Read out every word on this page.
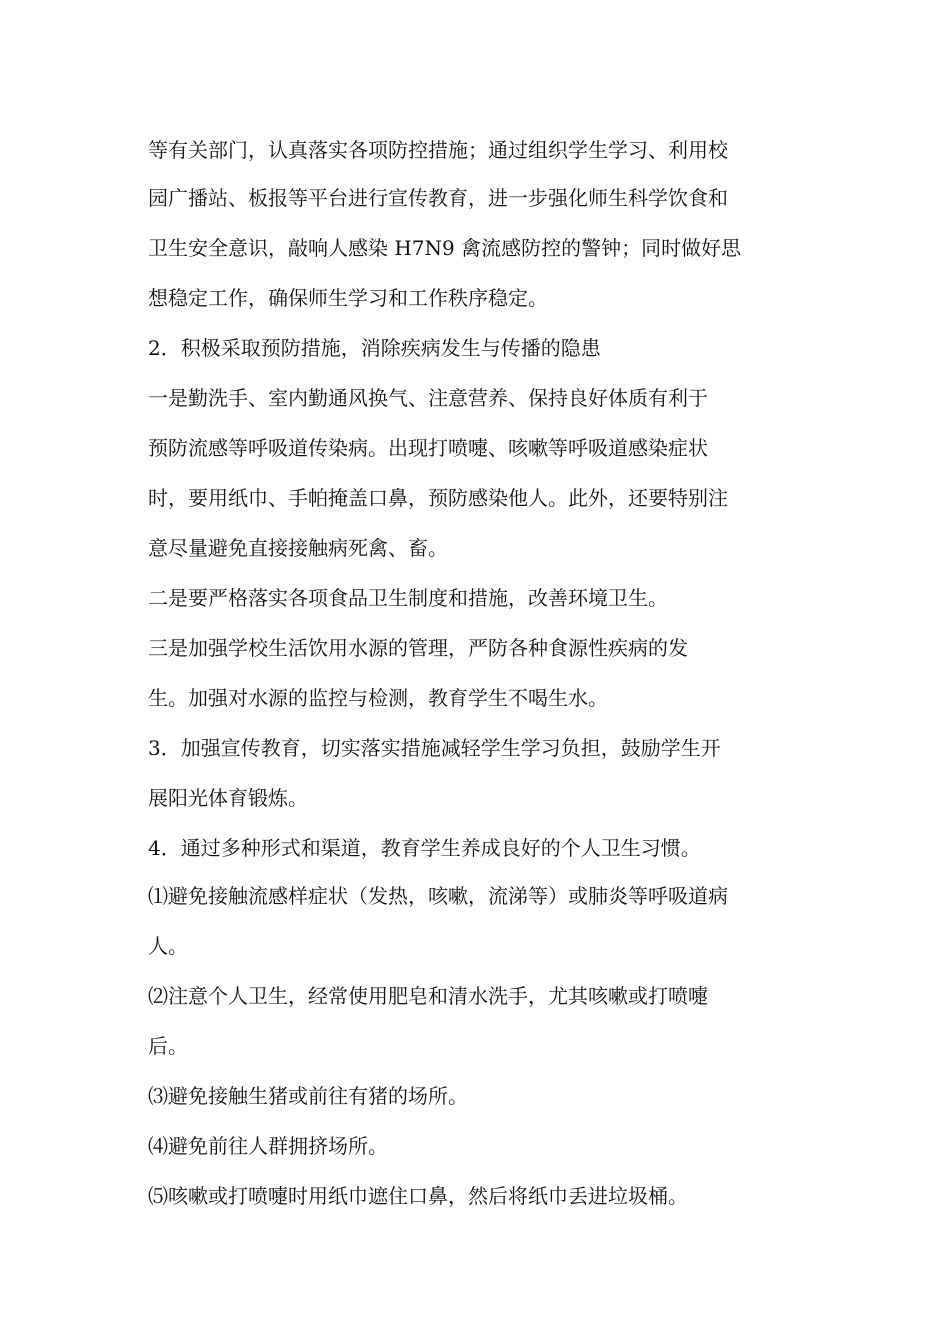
等有关部门，认真落实各项防控措施；通过组织学生学习、利用校
园广播站、板报等平台进行宣传教育，进一步强化师生科学饮食和
卫生安全意识，敲响人感染 H7N9 禽流感防控的警钟；同时做好思
想稳定工作，确保师生学习和工作秩序稳定。
2．积极采取预防措施，消除疾病发生与传播的隐患
一是勤洗手、室内勤通风换气、注意营养、保持良好体质有利于
预防流感等呼吸道传染病。出现打喷嚏、咳嗽等呼吸道感染症状
时，要用纸巾、手帕掩盖口鼻，预防感染他人。此外，还要特别注
意尽量避免直接接触病死禽、畜。
二是要严格落实各项食品卫生制度和措施，改善环境卫生。
三是加强学校生活饮用水源的管理，严防各种食源性疾病的发
生。加强对水源的监控与检测，教育学生不喝生水。
3．加强宣传教育，切实落实措施减轻学生学习负担，鼓励学生开
展阳光体育锻炼。
4．通过多种形式和渠道，教育学生养成良好的个人卫生习惯。
⑴避免接触流感样症状（发热，咳嗽，流涕等）或肺炎等呼吸道病
人。
⑵注意个人卫生，经常使用肥皂和清水洗手，尤其咳嗽或打喷嚏
后。
⑶避免接触生猪或前往有猪的场所。
⑷避免前往人群拥挤场所。
⑸咳嗽或打喷嚏时用纸巾遮住口鼻，然后将纸巾丢进垃圾桶。
